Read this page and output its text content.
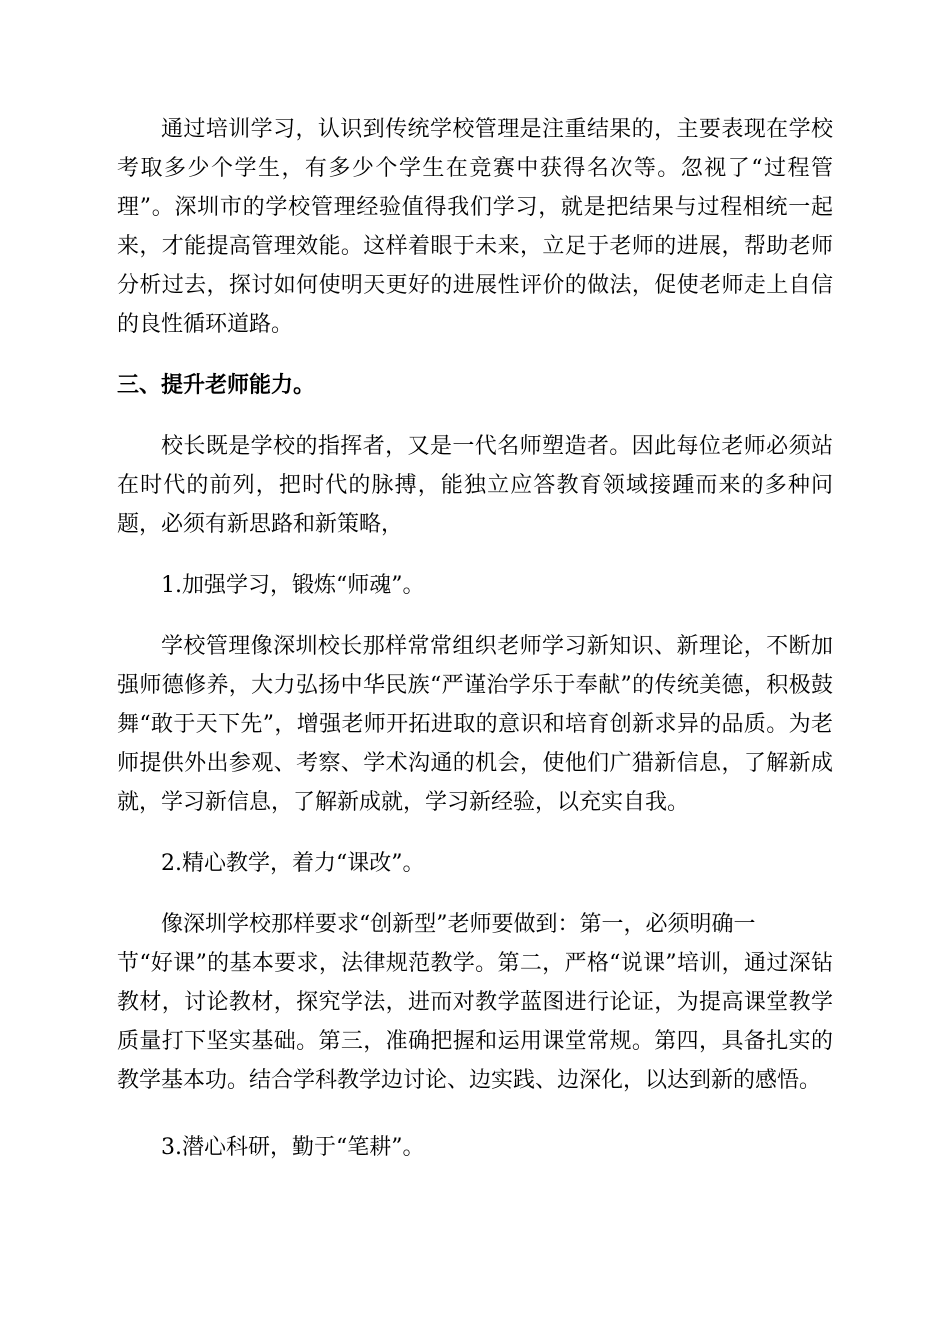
通过培训学习，认识到传统学校管理是注重结果的，主要表现在学校考取多少个学生，有多少个学生在竞赛中获得名次等。忽视了“过程管理”。深圳市的学校管理经验值得我们学习，就是把结果与过程相统一起来，才能提高管理效能。这样着眼于未来，立足于老师的进展，帮助老师分析过去，探讨如何使明天更好的进展性评价的做法，促使老师走上自信的良性循环道路。

三、提升老师能力。

校长既是学校的指挥者，又是一代名师塑造者。因此每位老师必须站在时代的前列，把时代的脉搏，能独立应答教育领域接踵而来的多种问题，必须有新思路和新策略，

1.加强学习，锻炼“师魂”。

学校管理像深圳校长那样常常组织老师学习新知识、新理论，不断加强师德修养，大力弘扬中华民族“严谨治学乐于奉献”的传统美德，积极鼓舞“敢于天下先”，增强老师开拓进取的意识和培育创新求异的品质。为老师提供外出参观、考察、学术沟通的机会，使他们广猎新信息，了解新成就，学习新信息，了解新成就，学习新经验，以充实自我。

2.精心教学，着力“课改”。

像深圳学校那样要求“创新型”老师要做到：第一，必须明确一

节“好课”的基本要求，法律规范教学。第二，严格“说课”培训，通过深钻教材，讨论教材，探究学法，进而对教学蓝图进行论证，为提高课堂教学质量打下坚实基础。第三，准确把握和运用课堂常规。第四，具备扎实的教学基本功。结合学科教学边讨论、边实践、边深化，以达到新的感悟。

3.潜心科研，勤于“笔耕”。
